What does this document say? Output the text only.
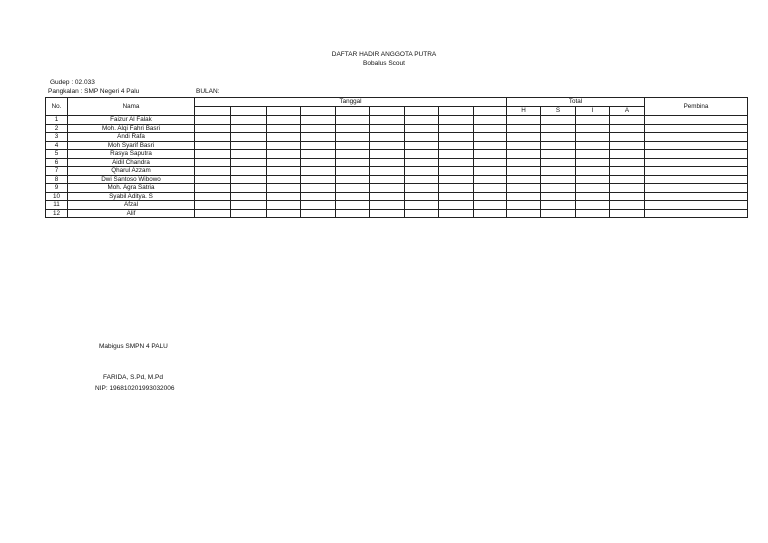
DAFTAR HADIR ANGGOTA PUTRA
Bobalus Scout
Gudep : 02.033
Pangkalan : SMP Negeri 4 Palu	BULAN:
No.	Nama	Tanggal									Total				Pembina
											H	S	I	A	
1	Faizur Al Falak														
2	Moh. Alqi Fahri Basri														
3	Andi Rafa														
4	Moh Syarif Basri														
5	Rasya Saputra														
6	Aidil Chandra														
7	Qharul Azzam														
8	Dwi Santoso Wibowo														
9	Moh. Agra Satria														
10	Syabil Aditya. S														
11	Afzal														
12	Alif														
Mabigus SMPN 4 PALU
FARIDA, S.Pd, M.Pd
NIP: 196810201993032006
